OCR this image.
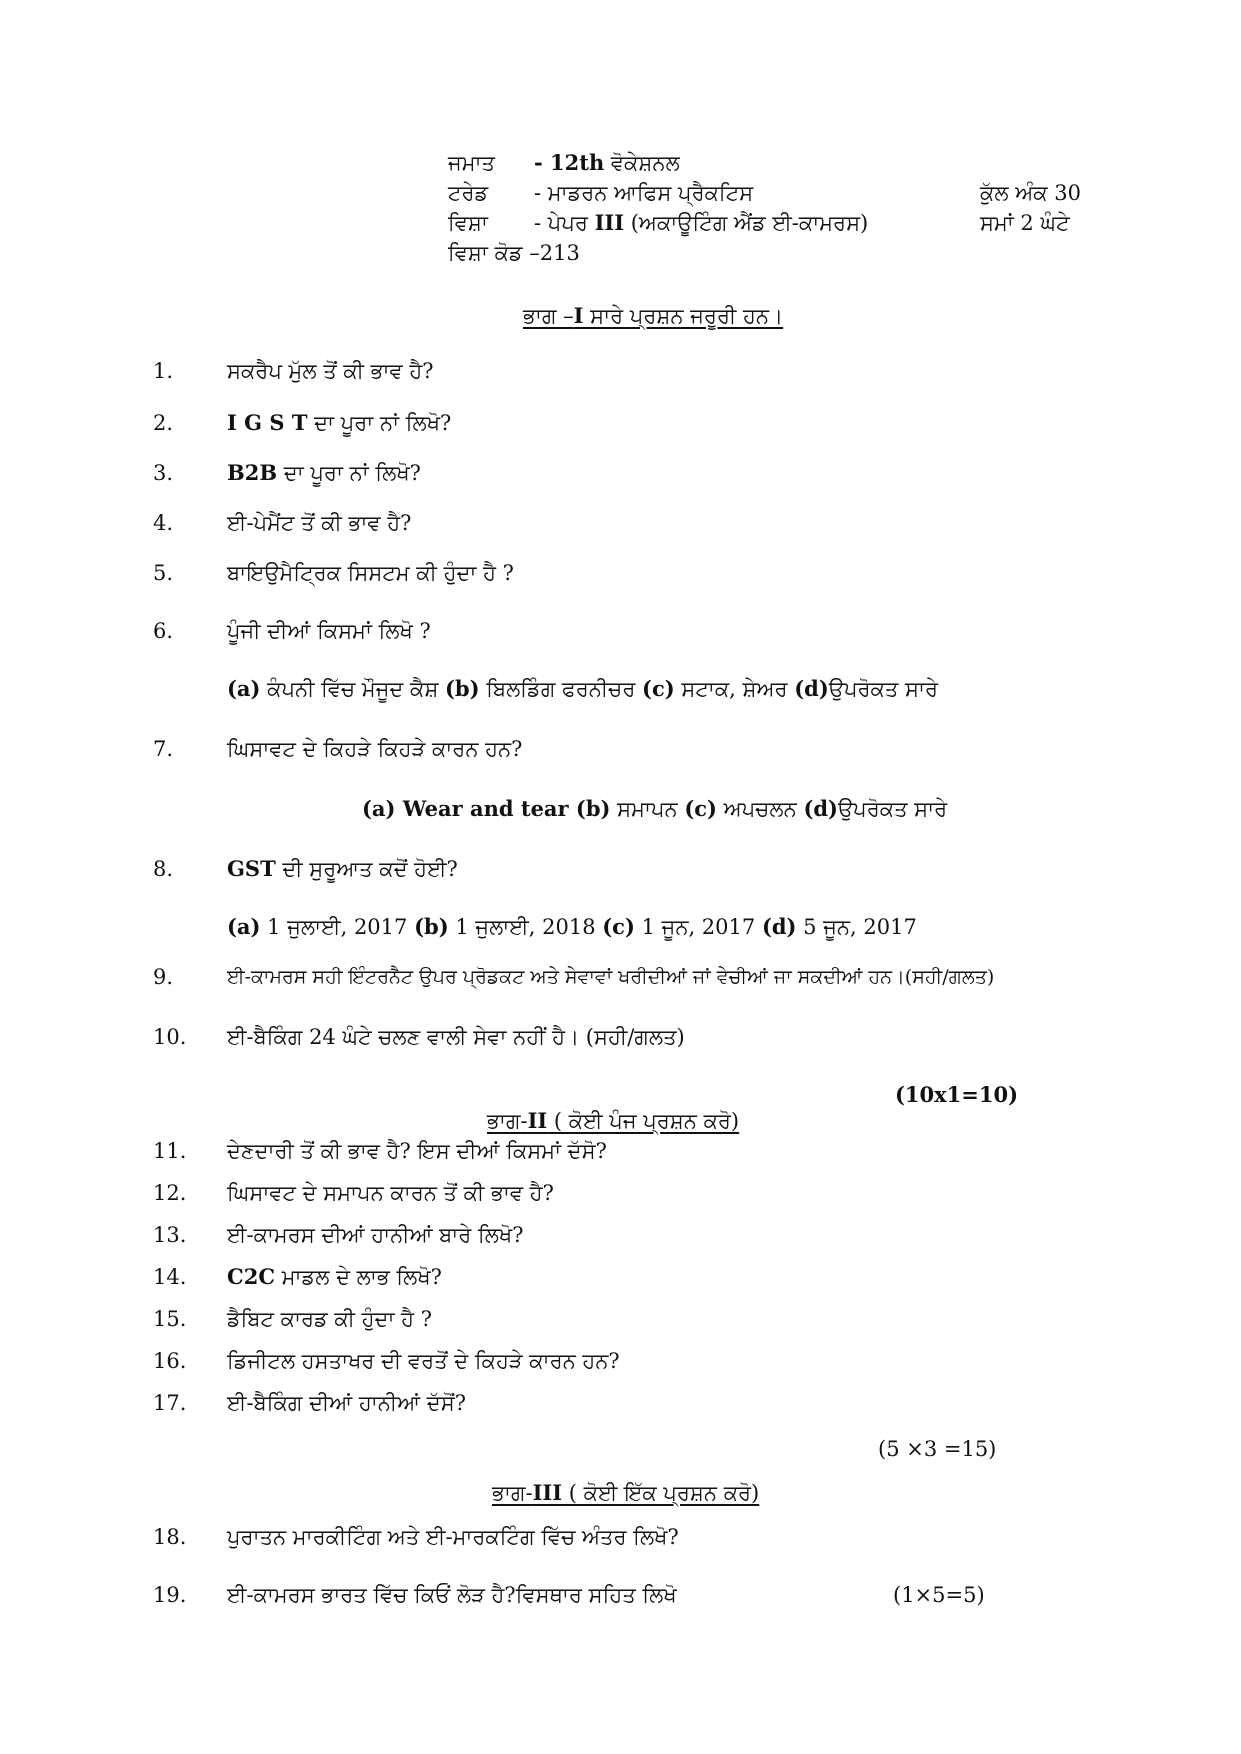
ਜਮਾਤ - 12th ਵੋਕੇਸ਼ਨਲ
ਟਰੇਡ - ਮਾਡਰਨ ਆਫਿਸ ਪ੍ਰੈਕਟਿਸ	ਕੁੱਲ ਅੰਕ 30
ਵਿਸ਼ਾ - ਪੇਪਰ III (ਅਕਾਊਟਿੰਗ ਐਂਡ ਈ-ਕਾਮਰਸ)	ਸਮਾਂ 2 ਘੰਟੇ
ਵਿਸ਼ਾ ਕੋਡ –213
ਭਾਗ –I ਸਾਰੇ ਪ੍ਰਸ਼ਨ ਜਰੂਰੀ ਹਨ।
1.	ਸਕਰੈਪ ਮੁੱਲ ਤੋਂ ਕੀ ਭਾਵ ਹੈ?
2.	I G S T ਦਾ ਪੂਰਾ ਨਾਂ ਲਿਖੋ?
3.	B2B ਦਾ ਪੂਰਾ ਨਾਂ ਲਿਖੋ?
4.	ਈ-ਪੇਮੈਂਟ ਤੋਂ ਕੀ ਭਾਵ ਹੈ?
5.	ਬਾਇਉਮੈਟ੍ਰਿਕ ਸਿਸਟਮ ਕੀ ਹੁੰਦਾ ਹੈ ?
6.	ਪੂੰਜੀ ਦੀਆਂ ਕਿਸਮਾਂ ਲਿਖੋ ?
(a) ਕੰਪਨੀ ਵਿੱਚ ਮੌਜੂਦ ਕੈਸ਼ (b) ਬਿਲਡਿੰਗ ਫਰਨੀਚਰ (c) ਸਟਾਕ, ਸ਼ੇਅਰ (d)ਉਪਰੋਕਤ ਸਾਰੇ
7.	ਘਿਸਾਵਟ ਦੇ ਕਿਹੜੇ ਕਿਹੜੇ ਕਾਰਨ ਹਨ?
(a) Wear and tear (b) ਸਮਾਪਨ (c) ਅਪਚਲਨ (d)ਉਪਰੋਕਤ ਸਾਰੇ
8.	GST ਦੀ ਸੁਰੂਆਤ ਕਦੋਂ ਹੋਈ?
(a) 1 ਜੁਲਾਈ, 2017 (b) 1 ਜੁਲਾਈ, 2018 (c) 1 ਜੂਨ, 2017 (d) 5 ਜੂਨ, 2017
9.	ਈ-ਕਾਮਰਸ ਸਹੀ ਇੰਟਰਨੈਟ ਉਪਰ ਪ੍ਰੋਡਕਟ ਅਤੇ ਸੇਵਾਵਾਂ ਖਰੀਦੀਆਂ ਜਾਂ ਵੇਚੀਆਂ ਜਾ ਸਕਦੀਆਂ ਹਨ।(ਸਹੀ/ਗਲਤ)
10. ਈ-ਬੈਕਿੰਗ 24 ਘੰਟੇ ਚਲਣ ਵਾਲੀ ਸੇਵਾ ਨਹੀਂ ਹੈ। (ਸਹੀ/ਗਲਤ)
(10x1=10)
ਭਾਗ-II ( ਕੋਈ ਪੰਜ ਪ੍ਰਸ਼ਨ ਕਰੋ)
11. ਦੇਣਦਾਰੀ ਤੋਂ ਕੀ ਭਾਵ ਹੈ? ਇਸ ਦੀਆਂ ਕਿਸਮਾਂ ਦੱਸੋ?
12. ਘਿਸਾਵਟ ਦੇ ਸਮਾਪਨ ਕਾਰਨ ਤੋਂ ਕੀ ਭਾਵ ਹੈ?
13. ਈ-ਕਾਮਰਸ ਦੀਆਂ ਹਾਨੀਆਂ ਬਾਰੇ ਲਿਖੋ?
14. C2C ਮਾਡਲ ਦੇ ਲਾਭ ਲਿਖੋ?
15. ਡੈਬਿਟ ਕਾਰਡ ਕੀ ਹੁੰਦਾ ਹੈ ?
16. ਡਿਜੀਟਲ ਹਸਤਾਖਰ ਦੀ ਵਰਤੋਂ ਦੇ ਕਿਹੜੇ ਕਾਰਨ ਹਨ?
17. ਈ-ਬੈਕਿੰਗ ਦੀਆਂ ਹਾਨੀਆਂ ਦੱਸੋਂ?
(5 ×3 =15)
ਭਾਗ-III ( ਕੋਈ ਇੱਕ ਪ੍ਰਸ਼ਨ ਕਰੋ)
18. ਪੁਰਾਤਨ ਮਾਰਕੀਟਿੰਗ ਅਤੇ ਈ-ਮਾਰਕਟਿੰਗ ਵਿੱਚ ਅੰਤਰ ਲਿਖੋ?
19. ਈ-ਕਾਮਰਸ ਭਾਰਤ ਵਿੱਚ ਕਿਓਂ ਲੋੜ ਹੈ?ਵਿਸਥਾਰ ਸਹਿਤ ਲਿਖੋ	(1×5=5)
